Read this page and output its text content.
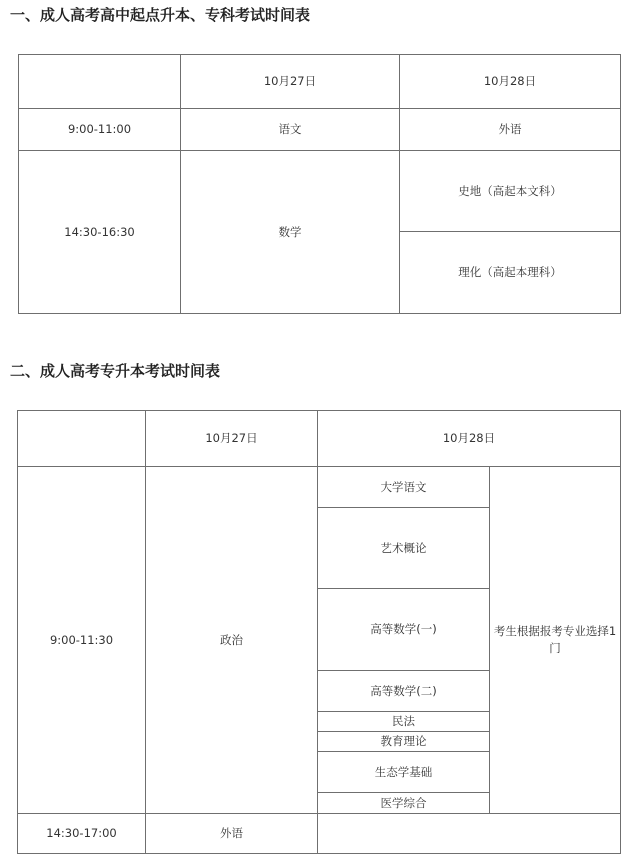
一、成人高考高中起点升本、专科考试时间表
	10月27日	10月28日
9:00-11:00	语文	外语
14:30-16:30	数学	史地（高起本文科）
		理化（高起本理科）
二、成人高考专升本考试时间表
	10月27日	10月28日	
9:00-11:30	政治	大学语文	考生根据报考专业选择1门
		艺术概论	
		高等数学(一)	
		高等数学(二)	
		民法	
		教育理论	
		生态学基础	
		医学综合	
14:30-17:00	外语		
